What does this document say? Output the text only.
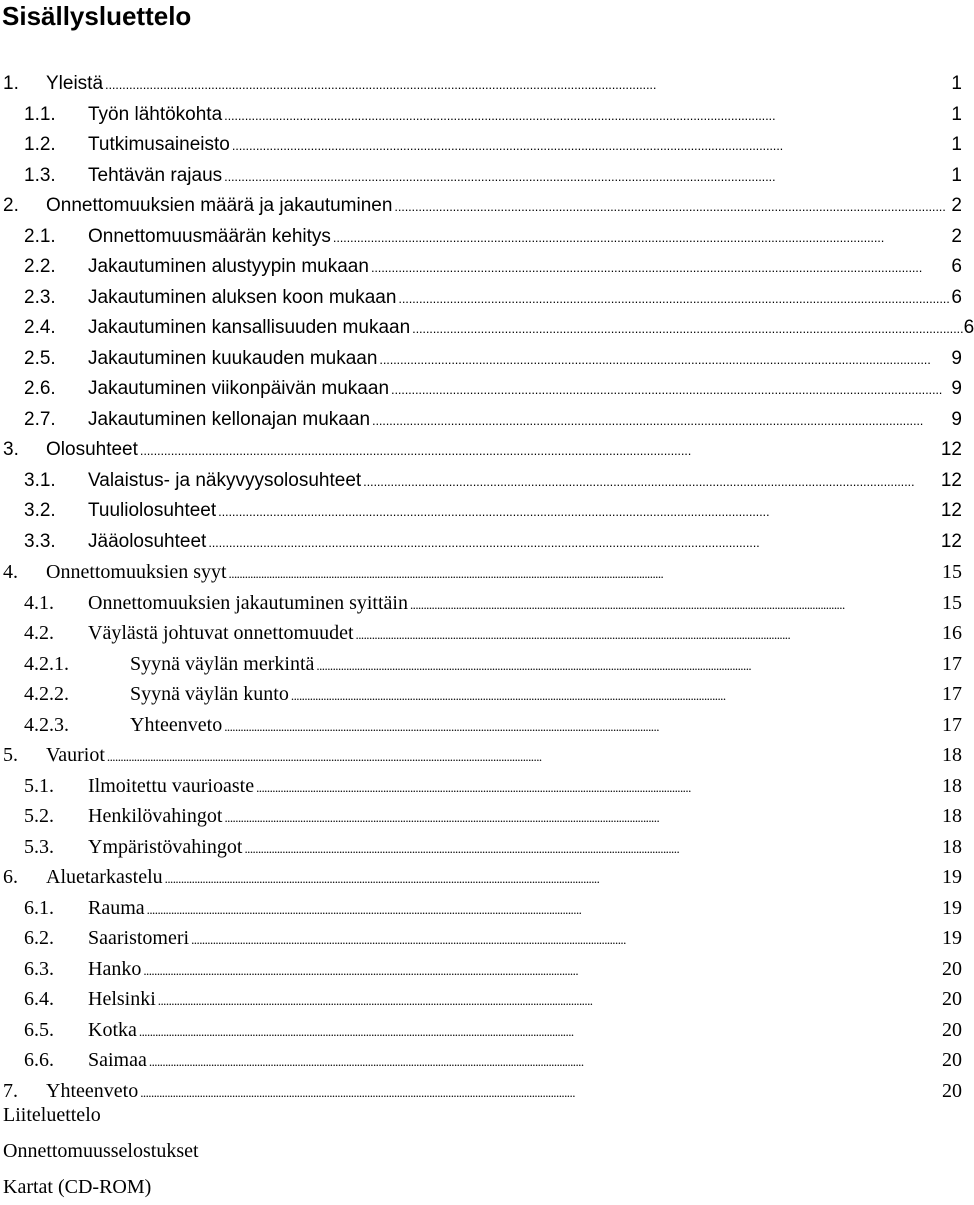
Sisällysluettelo
1. Yleistä . . .	1
1.1. Työn lähtökohta . . .	1
1.2. Tutkimusaineisto . . .	1
1.3. Tehtävän rajaus . . .	1
2. Onnettomuuksien määrä ja jakautuminen . . .	2
2.1. Onnettomuusmäärän kehitys . . .	2
2.2. Jakautuminen alustyypin mukaan . . .	6
2.3. Jakautuminen aluksen koon mukaan . . .	6
2.4. Jakautuminen kansallisuuden mukaan . . .	6
2.5. Jakautuminen kuukauden mukaan . . .	9
2.6. Jakautuminen viikonpäivän mukaan . . .	9
2.7. Jakautuminen kellonajan mukaan . . .	9
3. Olosuhteet . . .	12
3.1. Valaistus- ja näkyvyysolosuhteet . . .	12
3.2. Tuuliolosuhteet . . .	12
3.3. Jääolosuhteet . . .	12
4. Onnettomuuksien syyt . . .	15
4.1. Onnettomuuksien jakautuminen syittäin . . .	15
4.2. Väylästä johtuvat onnettomuudet . . .	16
4.2.1.	Syynä väylän merkintä . . .	17
4.2.2.	Syynä väylän kunto . . .	17
4.2.3.	Yhteenveto . . .	17
5. Vauriot . . .	18
5.1. Ilmoitettu vaurioaste . . .	18
5.2. Henkilövahingot . . .	18
5.3. Ympäristövahingot . . .	18
6. Aluetarkastelu . . .	19
6.1. Rauma . . .	19
6.2. Saaristomeri . . .	19
6.3. Hanko . . .	20
6.4. Helsinki . . .	20
6.5. Kotka . . .	20
6.6. Saimaa . . .	20
7. Yhteenveto . . .	20
Liiteluettelo
Onnettomuusselostukset
Kartat (CD-ROM)
